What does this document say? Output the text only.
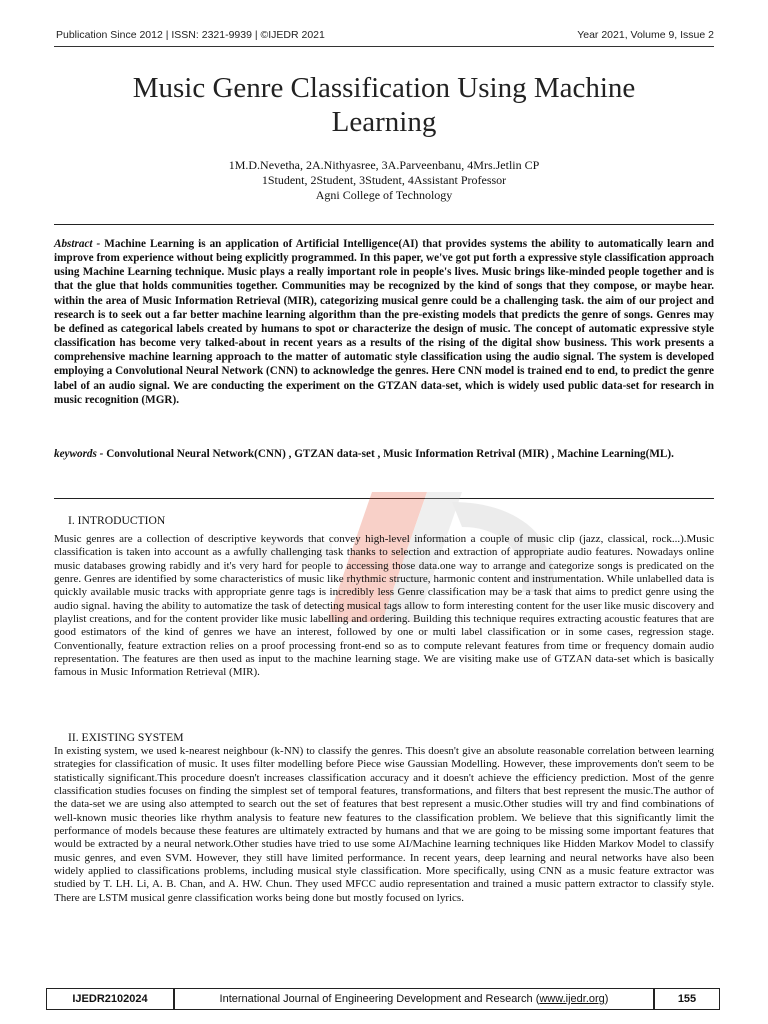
Publication Since 2012 | ISSN: 2321-9939 | ©IJEDR 2021	Year 2021, Volume 9, Issue 2
Music Genre Classification Using Machine
Learning
1M.D.Nevetha, 2A.Nithyasree, 3A.Parveenbanu, 4Mrs.Jetlin CP
1Student, 2Student, 3Student, 4Assistant Professor
Agni College of Technology
Abstract - Machine Learning is an application of Artificial Intelligence(AI) that provides systems the ability to automatically learn and improve from experience without being explicitly programmed. In this paper, we've got put forth a expressive style classification approach using Machine Learning technique. Music plays a really important role in people's lives. Music brings like-minded people together and is that the glue that holds communities together. Communities may be recognized by the kind of songs that they compose, or maybe hear. within the area of Music Information Retrieval (MIR), categorizing musical genre could be a challenging task. the aim of our project and research is to seek out a far better machine learning algorithm than the pre-existing models that predicts the genre of songs. Genres may be defined as categorical labels created by humans to spot or characterize the design of music. The concept of automatic expressive style classification has become very talked-about in recent years as a results of the rising of the digital show business. This work presents a comprehensive machine learning approach to the matter of automatic style classification using the audio signal. The system is developed employing a Convolutional Neural Network (CNN) to acknowledge the genres. Here CNN model is trained end to end, to predict the genre label of an audio signal. We are conducting the experiment on the GTZAN data-set, which is widely used public data-set for research in music recognition (MGR).
keywords - Convolutional Neural Network(CNN) , GTZAN data-set , Music Information Retrival (MIR) , Machine Learning(ML).
I. INTRODUCTION
Music genres are a collection of descriptive keywords that convey high-level information a couple of music clip (jazz, classical, rock...).Music classification is taken into account as a awfully challenging task thanks to selection and extraction of appropriate audio features. Nowadays online music databases growing rabidly and it's very hard for people to accessing those data.one way to arrange and categorize songs is predicated on the genre. Genres are identified by some characteristics of music like rhythmic structure, harmonic content and instrumentation. While unlabelled data is quickly available music tracks with appropriate genre tags is incredibly less Genre classification may be a task that aims to predict genre using the audio signal. having the ability to automatize the task of detecting musical tags allow to form interesting content for the user like music discovery and playlist creations, and for the content provider like music labelling and ordering. Building this technique requires extracting acoustic features that are good estimators of the kind of genres we have an interest, followed by one or multi label classification or in some cases, regression stage. Conventionally, feature extraction relies on a proof processing front-end so as to compute relevant features from time or frequency domain audio representation. The features are then used as input to the machine learning stage. We are visiting make use of GTZAN data-set which is basically famous in Music Information Retrieval (MIR).
II. EXISTING SYSTEM
In existing system, we used k-nearest neighbour (k-NN) to classify the genres. This doesn't give an absolute reasonable correlation between learning strategies for classification of music. It uses filter modelling before Piece wise Gaussian Modelling. However, these improvements don't seem to be statistically significant.This procedure doesn't increases classification accuracy and it doesn't achieve the efficiency prediction. Most of the genre classification studies focuses on finding the simplest set of temporal features, transformations, and filters that best represent the music.The author of the data-set we are using also attempted to search out the set of features that best represent a music.Other studies will try and find combinations of well-known music theories like rhythm analysis to feature new features to the classification problem. We believe that this significantly limit the performance of models because these features are ultimately extracted by humans and that we are going to be missing some important features that would be extracted by a neural network.Other studies have tried to use some AI/Machine learning techniques like Hidden Markov Model to classify music genres, and even SVM. However, they still have limited performance. In recent years, deep learning and neural networks have also been widely applied to classifications problems, including musical style classification. More specifically, using CNN as a music feature extractor was studied by T. LH. Li, A. B. Chan, and A. HW. Chun. They used MFCC audio representation and trained a music pattern extractor to classify style. There are LSTM musical genre classification works being done but mostly focused on lyrics.
IJEDR2102024	International Journal of Engineering Development and Research (www.ijedr.org)	155
